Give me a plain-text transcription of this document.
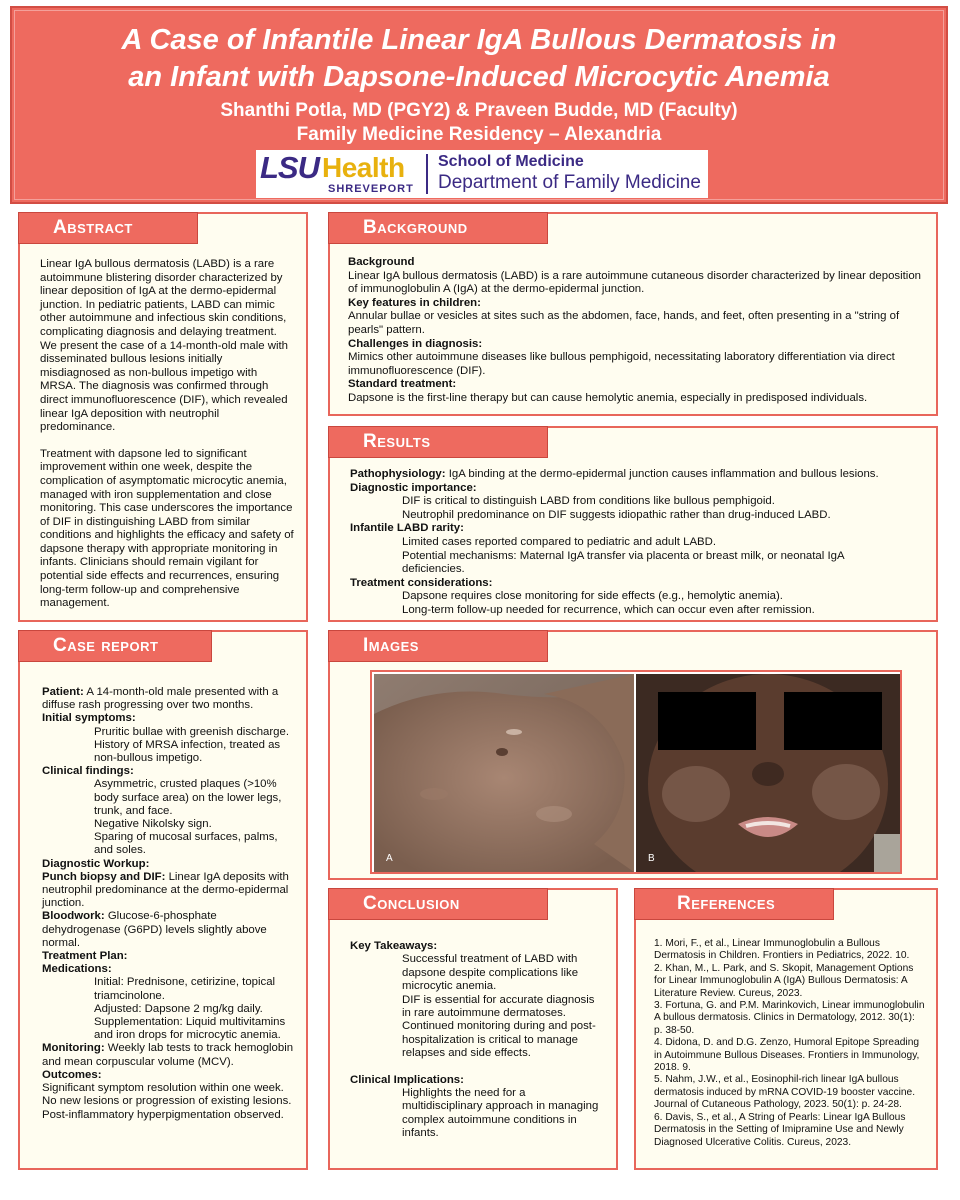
A Case of Infantile Linear IgA Bullous Dermatosis in
an Infant with Dapsone-Induced Microcytic Anemia
Shanthi Potla, MD (PGY2) & Praveen Budde, MD (Faculty)
Family Medicine Residency – Alexandria
LSU Health
SHREVEPORT
School of Medicine
Department of Family Medicine
Abstract

Linear IgA bullous dermatosis (LABD) is a rare autoimmune blistering disorder characterized by linear deposition of IgA at the dermo-epidermal junction. In pediatric patients, LABD can mimic other autoimmune and infectious skin conditions, complicating diagnosis and delaying treatment. We present the case of a 14-month-old male with disseminated bullous lesions initially misdiagnosed as non-bullous impetigo with MRSA. The diagnosis was confirmed through direct immunofluorescence (DIF), which revealed linear IgA deposition with neutrophil predominance.

Treatment with dapsone led to significant improvement within one week, despite the complication of asymptomatic microcytic anemia, managed with iron supplementation and close monitoring. This case underscores the importance of DIF in distinguishing LABD from similar conditions and highlights the efficacy and safety of dapsone therapy with appropriate monitoring in infants. Clinicians should remain vigilant for potential side effects and recurrences, ensuring long-term follow-up and comprehensive management.

Background

Background

Linear IgA bullous dermatosis (LABD) is a rare autoimmune cutaneous disorder characterized by linear deposition of immunoglobulin A (IgA) at the dermo-epidermal junction.

Key features in children:

Annular bullae or vesicles at sites such as the abdomen, face, hands, and feet, often presenting in a "string of pearls" pattern.

Challenges in diagnosis:

Mimics other autoimmune diseases like bullous pemphigoid, necessitating laboratory differentiation via direct immunofluorescence (DIF).

Standard treatment:

Dapsone is the first-line therapy but can cause hemolytic anemia, especially in predisposed individuals.

Results

Pathophysiology: IgA binding at the dermo-epidermal junction causes inflammation and bullous lesions.

Diagnostic importance:

DIF is critical to distinguish LABD from conditions like bullous pemphigoid.
Neutrophil predominance on DIF suggests idiopathic rather than drug-induced LABD.

Infantile LABD rarity:

Limited cases reported compared to pediatric and adult LABD.
Potential mechanisms: Maternal IgA transfer via placenta or breast milk, or neonatal IgA deficiencies.

Treatment considerations:

Dapsone requires close monitoring for side effects (e.g., hemolytic anemia).
Long-term follow-up needed for recurrence, which can occur even after remission.
Case report

Patient: A 14-month-old male presented with a diffuse rash progressing over two months.

Initial symptoms:

Pruritic bullae with greenish discharge.
History of MRSA infection, treated as non-bullous impetigo.

Clinical findings:

Asymmetric, crusted plaques (>10% body surface area) on the lower legs, trunk, and face.
Negative Nikolsky sign.
Sparing of mucosal surfaces, palms, and soles.

Diagnostic Workup:

Punch biopsy and DIF: Linear IgA deposits with neutrophil predominance at the dermo-epidermal junction.

Bloodwork: Glucose-6-phosphate dehydrogenase (G6PD) levels slightly above normal.

Treatment Plan:

Medications:

Initial: Prednisone, cetirizine, topical triamcinolone.
Adjusted: Dapsone 2 mg/kg daily.
Supplementation: Liquid multivitamins and iron drops for microcytic anemia.

Monitoring: Weekly lab tests to track hemoglobin and mean corpuscular volume (MCV).

Outcomes:

Significant symptom resolution within one week.

No new lesions or progression of existing lesions.

Post-inflammatory hyperpigmentation observed.

Images
A	B
Conclusion

Key Takeaways:

Successful treatment of LABD with dapsone despite complications like microcytic anemia.
DIF is essential for accurate diagnosis in rare autoimmune dermatoses.
Continued monitoring during and post-hospitalization is critical to manage relapses and side effects.

Clinical Implications:

Highlights the need for a multidisciplinary approach in managing complex autoimmune conditions in infants.
References

1. Mori, F., et al., Linear Immunoglobulin a Bullous Dermatosis in Children. Frontiers in Pediatrics, 2022. 10.

2. Khan, M., L. Park, and S. Skopit, Management Options for Linear Immunoglobulin A (IgA) Bullous Dermatosis: A Literature Review. Cureus, 2023.

3. Fortuna, G. and P.M. Marinkovich, Linear immunoglobulin A bullous dermatosis. Clinics in Dermatology, 2012. 30(1): p. 38-50.

4. Didona, D. and D.G. Zenzo, Humoral Epitope Spreading in Autoimmune Bullous Diseases. Frontiers in Immunology, 2018. 9.

5. Nahm, J.W., et al., Eosinophil-rich linear IgA bullous dermatosis induced by mRNA COVID-19 booster vaccine. Journal of Cutaneous Pathology, 2023. 50(1): p. 24-28.

6. Davis, S., et al., A String of Pearls: Linear IgA Bullous Dermatosis in the Setting of Imipramine Use and Newly Diagnosed Ulcerative Colitis. Cureus, 2023.
